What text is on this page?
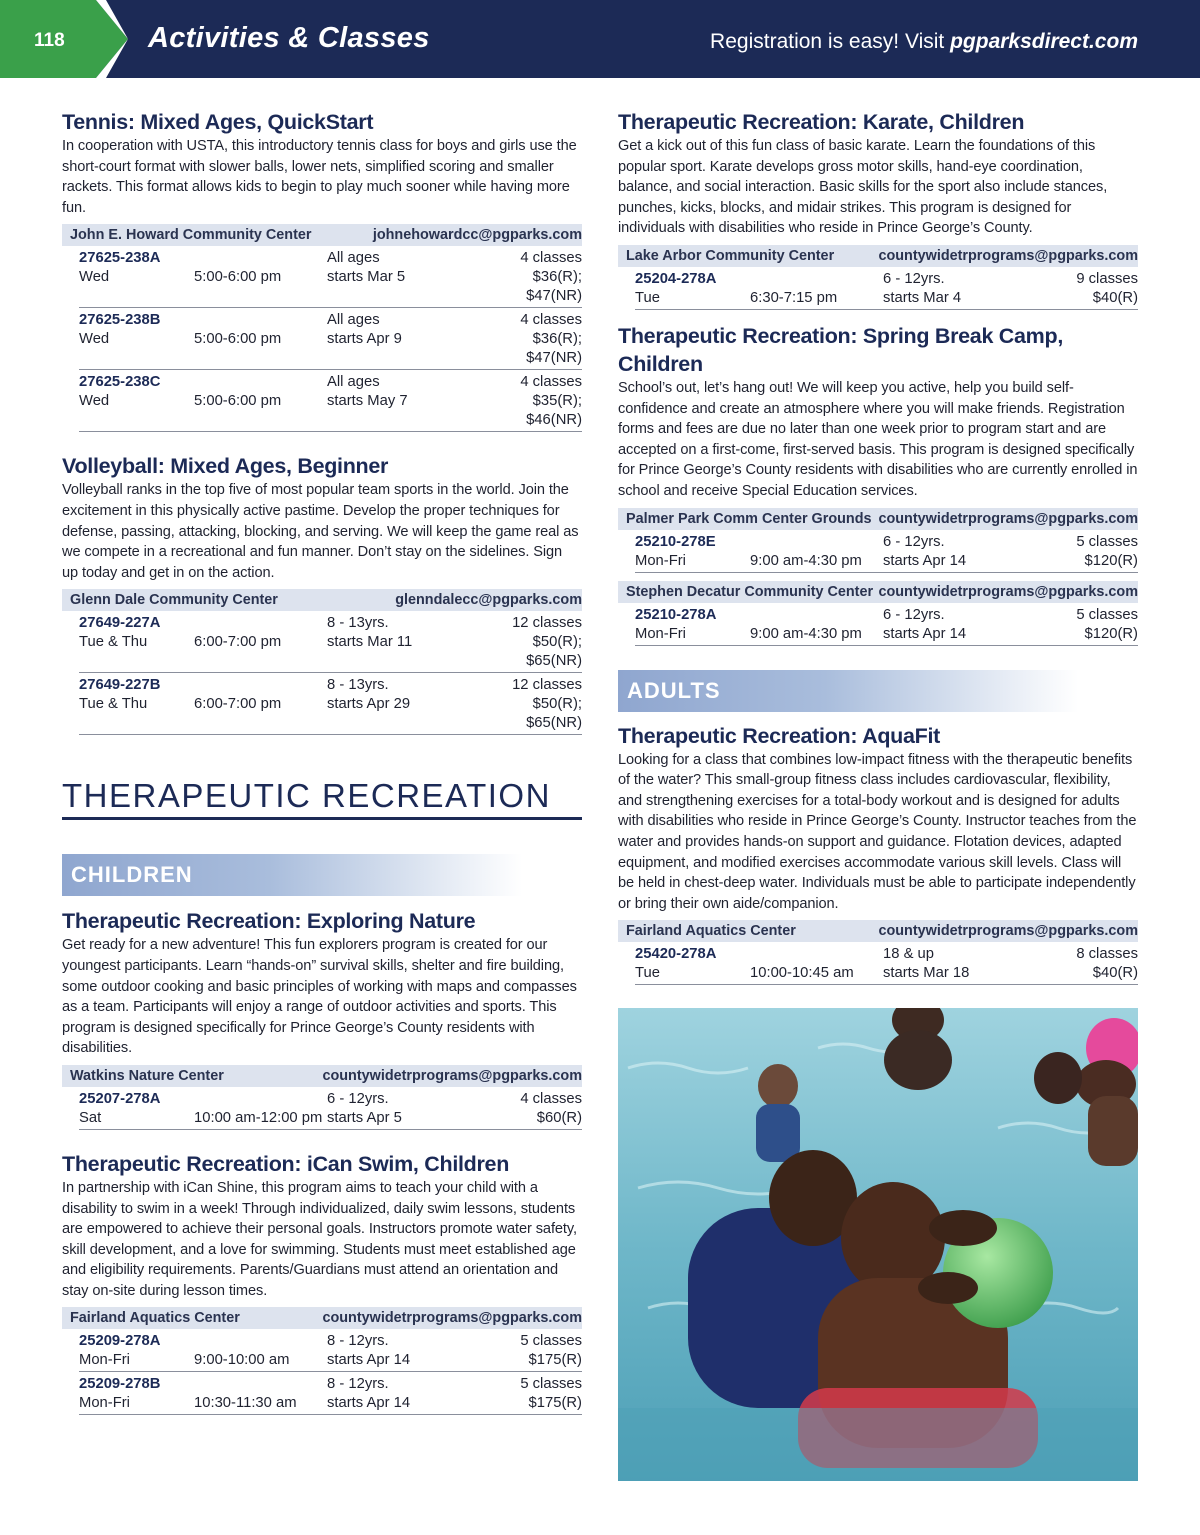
118	Activities & Classes	Registration is easy! Visit pgparksdirect.com
Tennis: Mixed Ages, QuickStart

In cooperation with USTA, this introductory tennis class for boys and girls use the short-court format with slower balls, lower nets, simplified scoring and smaller rackets. This format allows kids to begin to play much sooner while having more fun.

John E. Howard Community Center	johnehowardcc@pgparks.com
27625-238A	All ages	4 classes
Wed	5:00-6:00 pm	starts Mar 5	$36(R); $47(NR)
27625-238B	All ages	4 classes
Wed	5:00-6:00 pm	starts Apr 9	$36(R); $47(NR)
27625-238C	All ages	4 classes
Wed	5:00-6:00 pm	starts May 7	$35(R); $46(NR)
Volleyball: Mixed Ages, Beginner

Volleyball ranks in the top five of most popular team sports in the world. Join the excitement in this physically active pastime. Develop the proper techniques for defense, passing, attacking, blocking, and serving. We will keep the game real as we compete in a recreational and fun manner. Don’t stay on the sidelines. Sign up today and get in on the action.

Glenn Dale Community Center	glenndalecc@pgparks.com
27649-227A	8 - 13yrs.	12 classes
Tue & Thu	6:00-7:00 pm	starts Mar 11	$50(R); $65(NR)
27649-227B	8 - 13yrs.	12 classes
Tue & Thu	6:00-7:00 pm	starts Apr 29	$50(R); $65(NR)
THERAPEUTIC RECREATION
CHILDREN
Therapeutic Recreation: Exploring Nature

Get ready for a new adventure! This fun explorers program is created for our youngest participants. Learn “hands-on” survival skills, shelter and fire building, some outdoor cooking and basic principles of working with maps and compasses as a team. Participants will enjoy a range of outdoor activities and sports. This program is designed specifically for Prince George’s County residents with disabilities.

Watkins Nature Center	countywidetrprograms@pgparks.com
25207-278A	6 - 12yrs.	4 classes
Sat	10:00 am-12:00 pm starts Apr 5	$60(R)
Therapeutic Recreation: iCan Swim, Children

In partnership with iCan Shine, this program aims to teach your child with a disability to swim in a week! Through individualized, daily swim lessons, students are empowered to achieve their personal goals. Instructors promote water safety, skill development, and a love for swimming. Students must meet established age and eligibility requirements. Parents/Guardians must attend an orientation and stay on-site during lesson times.

Fairland Aquatics Center	countywidetrprograms@pgparks.com
25209-278A	8 - 12yrs.	5 classes
Mon-Fri	9:00-10:00 am	starts Apr 14	$175(R)
25209-278B	8 - 12yrs.	5 classes
Mon-Fri	10:30-11:30 am	starts Apr 14	$175(R)
Therapeutic Recreation: Karate, Children

Get a kick out of this fun class of basic karate. Learn the foundations of this popular sport. Karate develops gross motor skills, hand-eye coordination, balance, and social interaction. Basic skills for the sport also include stances, punches, kicks, blocks, and midair strikes. This program is designed for individuals with disabilities who reside in Prince George’s County.

Lake Arbor Community Center	countywidetrprograms@pgparks.com
25204-278A	6 - 12yrs.	9 classes
Tue	6:30-7:15 pm	starts Mar 4	$40(R)
Therapeutic Recreation: Spring Break Camp, Children

School’s out, let’s hang out! We will keep you active, help you build self-confidence and create an atmosphere where you will make friends. Registration forms and fees are due no later than one week prior to program start and are accepted on a first-come, first-served basis. This program is designed specifically for Prince George’s County residents with disabilities who are currently enrolled in school and receive Special Education services.

Palmer Park Comm Center Grounds countywidetrprograms@pgparks.com
25210-278E	6 - 12yrs.	5 classes
Mon-Fri	9:00 am-4:30 pm	starts Apr 14	$120(R)
Stephen Decatur Community Center countywidetrprograms@pgparks.com
25210-278A	6 - 12yrs.	5 classes
Mon-Fri	9:00 am-4:30 pm	starts Apr 14	$120(R)
ADULTS
Therapeutic Recreation: AquaFit

Looking for a class that combines low-impact fitness with the therapeutic benefits of the water? This small-group fitness class includes cardiovascular, flexibility, and strengthening exercises for a total-body workout and is designed for adults with disabilities who reside in Prince George’s County. Instructor teaches from the water and provides hands-on support and guidance. Flotation devices, adapted equipment, and modified exercises accommodate various skill levels. Class will be held in chest-deep water. Individuals must be able to participate independently or bring their own aide/companion.

Fairland Aquatics Center	countywidetrprograms@pgparks.com
25420-278A	18 & up	8 classes
Tue	10:00-10:45 am	starts Mar 18	$40(R)
